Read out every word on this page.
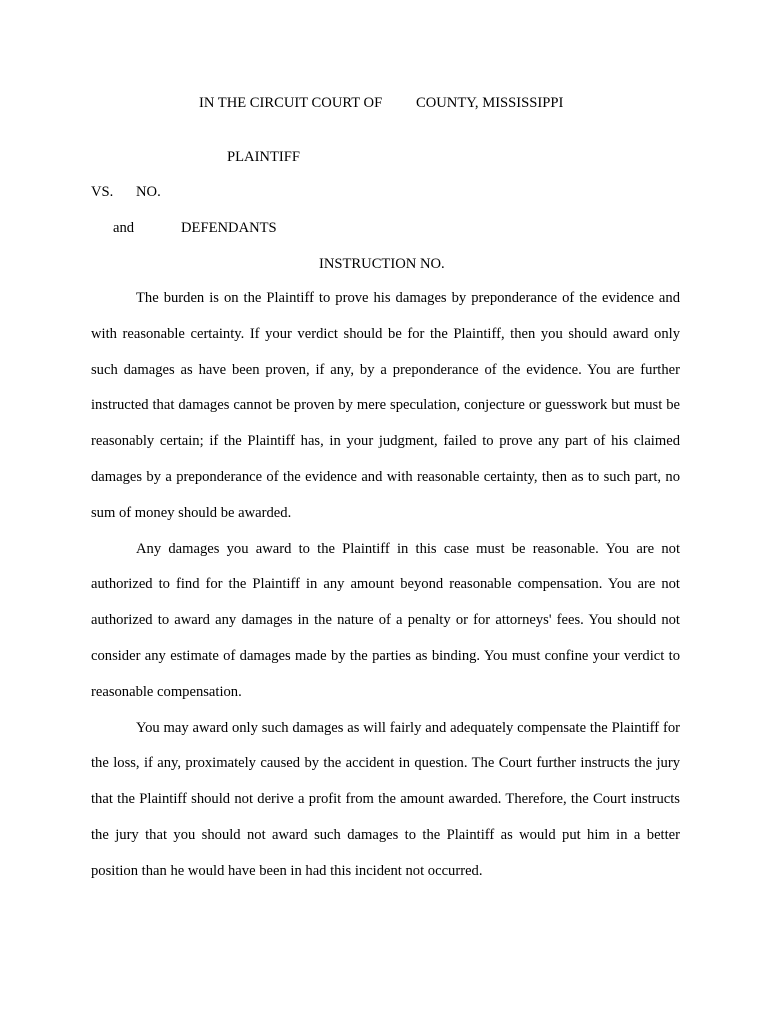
IN THE CIRCUIT COURT OF COUNTY, MISSISSIPPI
PLAINTIFF
VS. NO.
and	DEFENDANTS
INSTRUCTION NO.

The burden is on the Plaintiff to prove his damages by preponderance of the evidence and with reasonable certainty. If your verdict should be for the Plaintiff, then you should award only such damages as have been proven, if any, by a preponderance of the evidence. You are further instructed that damages cannot be proven by mere speculation, conjecture or guesswork but must be reasonably certain; if the Plaintiff has, in your judgment, failed to prove any part of his claimed damages by a preponderance of the evidence and with reasonable certainty, then as to such part, no sum of money should be awarded.

Any damages you award to the Plaintiff in this case must be reasonable. You are not authorized to find for the Plaintiff in any amount beyond reasonable compensation. You are not authorized to award any damages in the nature of a penalty or for attorneys' fees. You should not consider any estimate of damages made by the parties as binding. You must confine your verdict to reasonable compensation.

You may award only such damages as will fairly and adequately compensate the Plaintiff for the loss, if any, proximately caused by the accident in question. The Court further instructs the jury that the Plaintiff should not derive a profit from the amount awarded. Therefore, the Court instructs the jury that you should not award such damages to the Plaintiff as would put him in a better position than he would have been in had this incident not occurred.
